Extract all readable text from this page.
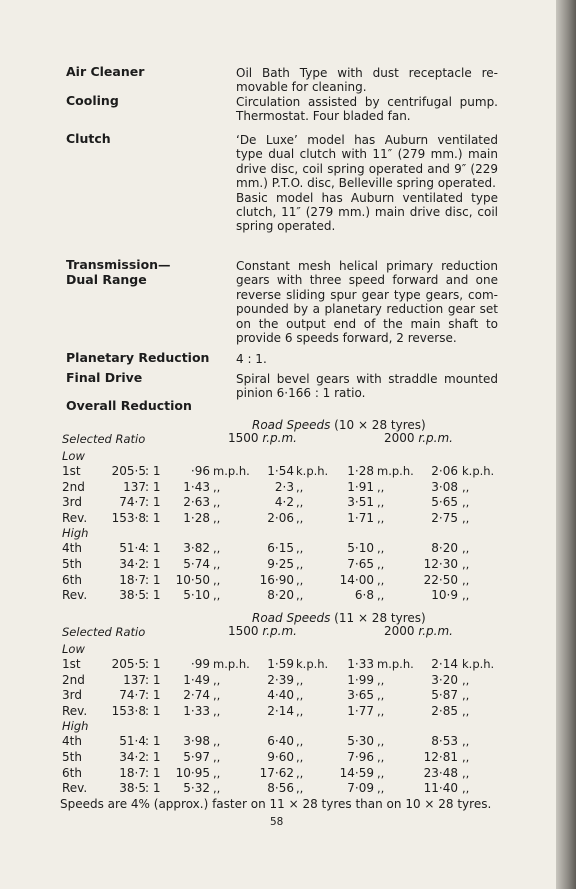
Air Cleaner	Oil Bath Type with dust receptacle re-movable for cleaning.

Cooling	Circulation assisted by centrifugal pump. Thermostat. Four bladed fan.

Clutch	‘De Luxe’ model has Auburn ventilated type dual clutch with 11″ (279 mm.) main drive disc, coil spring operated and 9″ (229 mm.) P.T.O. disc, Belleville spring operated.

Basic model has Auburn ventilated type clutch, 11″ (279 mm.) main drive disc, coil spring operated.

Transmission—
Dual Range

Constant mesh helical primary reduction gears with three speed forward and one reverse sliding spur gear type gears, com-pounded by a planetary reduction gear set on the output end of the main shaft to provide 6 speeds forward, 2 reverse.

Planetary Reduction	4 : 1.

Final Drive	Spiral bevel gears with straddle mounted pinion 6·166 : 1 ratio.

Overall Reduction
Road Speeds (10 × 28 tyres)
Selected Ratio	1500 r.p.m.	2000 r.p.m.
Low
1st	205·5 : 1	·96 m.p.h.	1·54 k.p.h.	1·28 m.p.h.	2·06 k.p.h.
2nd	137 : 1	1·43 ,,	2·3 ,,	1·91 ,,	3·08 ,,
3rd	74·7 : 1	2·63 ,,	4·2 ,,	3·51 ,,	5·65 ,,
Rev.	153·8 : 1	1·28 ,,	2·06 ,,	1·71 ,,	2·75 ,,
High
4th	51·4 : 1	3·82 ,,	6·15 ,,	5·10 ,,	8·20 ,,
5th	34·2 : 1	5·74 ,,	9·25 ,,	7·65 ,,	12·30 ,,
6th	18·7 : 1	10·50 ,,	16·90 ,,	14·00 ,,	22·50 ,,
Rev.	38·5 : 1	5·10 ,,	8·20 ,,	6·8 ,,	10·9 ,,
Road Speeds (11 × 28 tyres)
Selected Ratio	1500 r.p.m.	2000 r.p.m.
Low
1st	205·5 : 1	·99 m.p.h.	1·59 k.p.h.	1·33 m.p.h.	2·14 k.p.h.
2nd	137 : 1	1·49 ,,	2·39 ,,	1·99 ,,	3·20 ,,
3rd	74·7 : 1	2·74 ,,	4·40 ,,	3·65 ,,	5·87 ,,
Rev.	153·8 : 1	1·33 ,,	2·14 ,,	1·77 ,,	2·85 ,,
High
4th	51·4 : 1	3·98 ,,	6·40 ,,	5·30 ,,	8·53 ,,
5th	34·2 : 1	5·97 ,,	9·60 ,,	7·96 ,,	12·81 ,,
6th	18·7 : 1	10·95 ,,	17·62 ,,	14·59 ,,	23·48 ,,
Rev.	38·5 : 1	5·32 ,,	8·56 ,,	7·09 ,,	11·40 ,,
Speeds are 4% (approx.) faster on 11 × 28 tyres than on 10 × 28 tyres.
58
